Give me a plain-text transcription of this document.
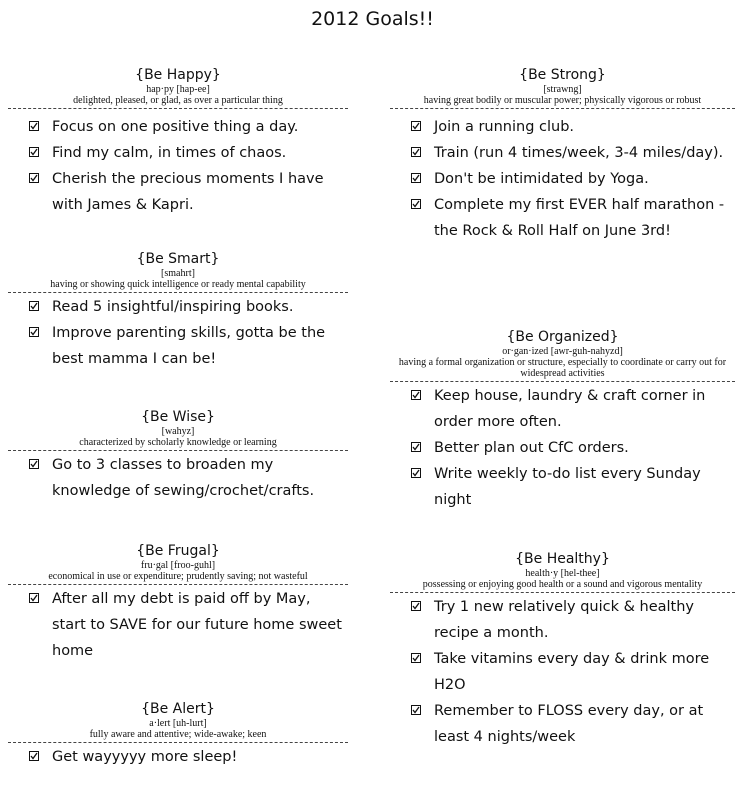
2012 Goals!!
{Be Happy}
hap·py [hap-ee]
delighted, pleased, or glad, as over a particular thing
Focus on one positive thing a day.
Find my calm, in times of chaos.
Cherish the precious moments I have with James & Kapri.
{Be Smart}
[smahrt]
having or showing quick intelligence or ready mental capability
Read 5 insightful/inspiring books.
Improve parenting skills, gotta be the best mamma I can be!
{Be Wise}
[wahyz]
characterized by scholarly knowledge or learning
Go to 3 classes to broaden my knowledge of sewing/crochet/crafts.
{Be Frugal}
fru·gal [froo-guhl]
economical in use or expenditure; prudently saving; not wasteful
After all my debt is paid off by May, start to SAVE for our future home sweet home
{Be Alert}
a·lert [uh-lurt]
fully aware and attentive; wide-awake; keen
Get wayyyyy more sleep!
{Be Strong}
[strawng]
having great bodily or muscular power; physically vigorous or robust
Join a running club.
Train (run 4 times/week, 3-4 miles/day).
Don't be intimidated by Yoga.
Complete my first EVER half marathon - the Rock & Roll Half on June 3rd!
{Be Organized}
or·gan·ized [awr-guh-nahyzd]
having a formal organization or structure, especially to coordinate or carry out for widespread activities
Keep house, laundry & craft corner in order more often.
Better plan out CfC orders.
Write weekly to-do list every Sunday night
{Be Healthy}
health·y [hel-thee]
possessing or enjoying good health or a sound and vigorous mentality
Try 1 new relatively quick & healthy recipe a month.
Take vitamins every day & drink more H2O
Remember to FLOSS every day, or at least 4 nights/week
